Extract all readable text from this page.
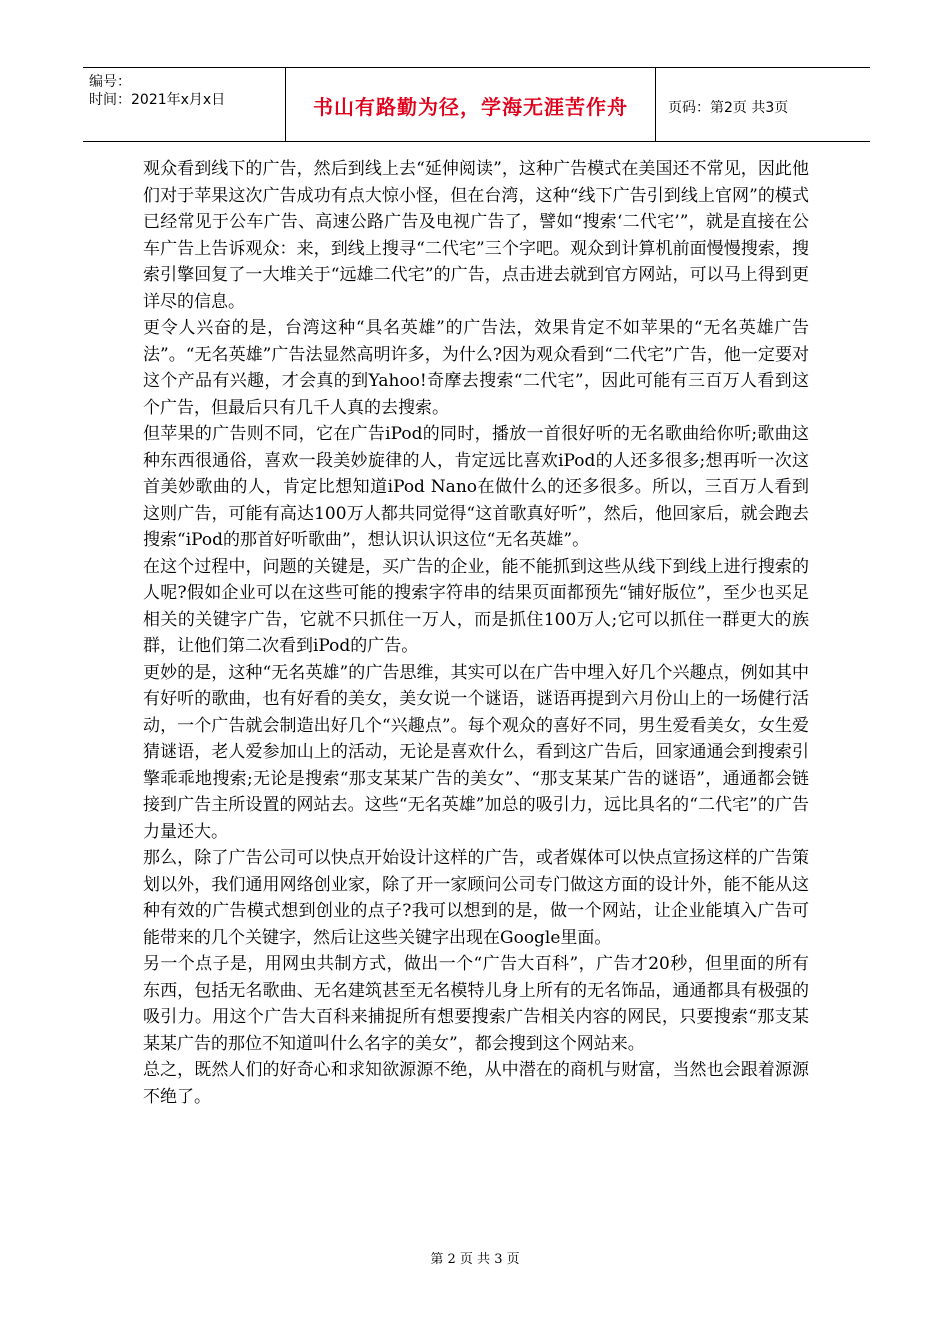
编号：
时间：2021年x月x日	书山有路勤为径，学海无涯苦作舟	页码：第2页 共3页

观众看到线下的广告，然后到线上去“延伸阅读”，这种广告模式在美国还不常见，因此他们对于苹果这次广告成功有点大惊小怪，但在台湾，这种“线下广告引到线上官网”的模式已经常见于公车广告、高速公路广告及电视广告了，譬如“搜索‘二代宅’”，就是直接在公车广告上告诉观众：来，到线上搜寻“二代宅”三个字吧。观众到计算机前面慢慢搜索，搜索引擎回复了一大堆关于“远雄二代宅”的广告，点击进去就到官方网站，可以马上得到更详尽的信息。

更令人兴奋的是，台湾这种“具名英雄”的广告法，效果肯定不如苹果的“无名英雄广告法”。“无名英雄”广告法显然高明许多，为什么?因为观众看到“二代宅”广告，他一定要对这个产品有兴趣，才会真的到Yahoo!奇摩去搜索“二代宅”，因此可能有三百万人看到这个广告，但最后只有几千人真的去搜索。

但苹果的广告则不同，它在广告iPod的同时，播放一首很好听的无名歌曲给你听;歌曲这种东西很通俗，喜欢一段美妙旋律的人，肯定远比喜欢iPod的人还多很多;想再听一次这首美妙歌曲的人，肯定比想知道iPod Nano在做什么的还多很多。所以，三百万人看到这则广告，可能有高达100万人都共同觉得“这首歌真好听”，然后，他回家后，就会跑去搜索“iPod的那首好听歌曲”，想认识认识这位“无名英雄”。

在这个过程中，问题的关键是，买广告的企业，能不能抓到这些从线下到线上进行搜索的人呢?假如企业可以在这些可能的搜索字符串的结果页面都预先“铺好版位”，至少也买足相关的关键字广告，它就不只抓住一万人，而是抓住100万人;它可以抓住一群更大的族群，让他们第二次看到iPod的广告。

更妙的是，这种“无名英雄”的广告思维，其实可以在广告中埋入好几个兴趣点，例如其中有好听的歌曲，也有好看的美女，美女说一个谜语，谜语再提到六月份山上的一场健行活动，一个广告就会制造出好几个“兴趣点”。每个观众的喜好不同，男生爱看美女，女生爱猜谜语，老人爱参加山上的活动，无论是喜欢什么，看到这广告后，回家通通会到搜索引擎乖乖地搜索;无论是搜索“那支某某广告的美女”、“那支某某广告的谜语”，通通都会链接到广告主所设置的网站去。这些“无名英雄”加总的吸引力，远比具名的“二代宅”的广告力量还大。

那么，除了广告公司可以快点开始设计这样的广告，或者媒体可以快点宣扬这样的广告策划以外，我们通用网络创业家，除了开一家顾问公司专门做这方面的设计外，能不能从这种有效的广告模式想到创业的点子?我可以想到的是，做一个网站，让企业能填入广告可能带来的几个关键字，然后让这些关键字出现在Google里面。

另一个点子是，用网虫共制方式，做出一个“广告大百科”，广告才20秒，但里面的所有东西，包括无名歌曲、无名建筑甚至无名模特儿身上所有的无名饰品，通通都具有极强的吸引力。用这个广告大百科来捕捉所有想要搜索广告相关内容的网民，只要搜索“那支某某某广告的那位不知道叫什么名字的美女”，都会搜到这个网站来。

总之，既然人们的好奇心和求知欲源源不绝，从中潜在的商机与财富，当然也会跟着源源不绝了。

第 2 页 共 3 页
